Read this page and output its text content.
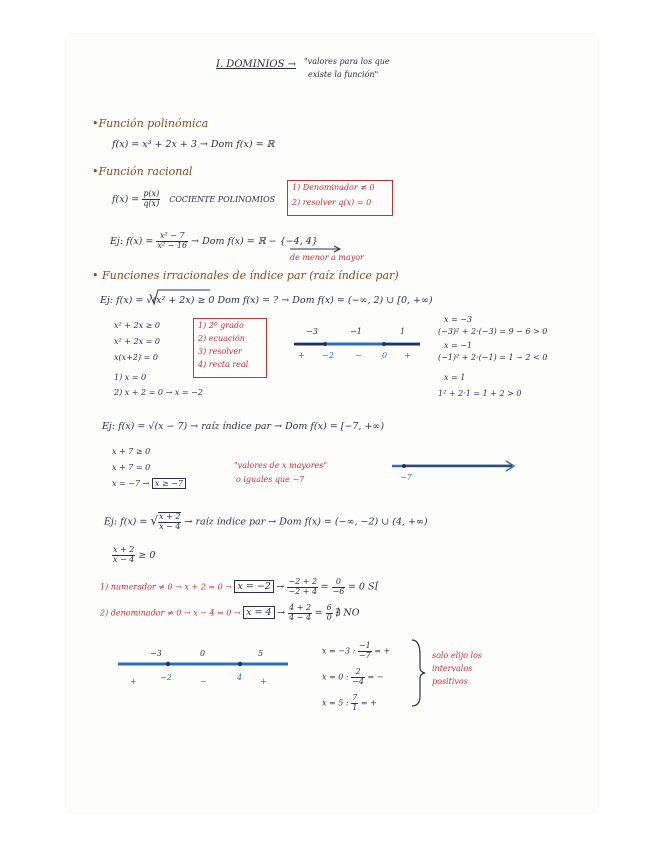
I. DOMINIOS → "valores para los que
existe la función"
•Función polinómica
f(x) = x³ + 2x + 3 → Dom f(x) = ℝ
•Función racional
$f(x) = \frac{p(x)}{q(x)}$ COCIENTE POLINOMIOS
1) Denominador ≠ 0
2) resolver q(x) = 0
Ej: $f(x) = \frac{\text{x² − 7}}{\text{x² − 16}}$ → Dom f(x) = ℝ − {−4, 4}
de menor a mayor
• Funciones irracionales de índice par (raíz índice par)
Ej: f(x) = √(x² + 2x) ≥ 0 Dom f(x) = ? → Dom f(x) = (−∞, 2) ∪ [0, +∞)
x² + 2x ≥ 0
x² + 2x = 0
x(x+2) = 0
1) x = 0
2) x + 2 = 0 → x = −2
1) 2º grado
2) ecuación
3) resolver
4) recta real
−3	−1	1
+ −2	−	0 +
x = −3
(−3)² + 2·(−3) = 9 − 6 > 0
x = −1
(−1)² + 2·(−1) = 1 − 2 < 0
x = 1
1² + 2·1 = 1 + 2 > 0
Ej: f(x) = √(x − 7) → raíz índice par → Dom f(x) = [−7, +∞)
x + 7 ≥ 0
x + 7 = 0
x = −7 → x ≥ −7
"valores de x mayores"
o iguales que −7	−7
Ej: f(x) = √ $\frac{x + 2}{x - 4}$ → raíz índice par → Dom f(x) = (−∞, −2) ∪ (4, +∞)
$\frac{x + 2}{x - 4} \ge 0$
1) numerador ≠ $0 \to x + 2 = 0 \to x = -2 \to \frac{-2 + 2}{-2 + 4} = \frac{0}{-6} = 0$ SÍ
2) denominador ≠ $0 \to x - 4 = 0 \to x = 4 \to \frac{4 + 2}{4 - 4} = \frac{6}{0}$ ∄ NO
−3	0	5
+	−2	−	4 +
x = −3 : $\frac{-1}{-7}$ = +
x = 0 : $\frac{2}{-4}$ = −
x = 5 : $\frac{7}{1}$ = +
solo elijo los
intervalos
positivos
